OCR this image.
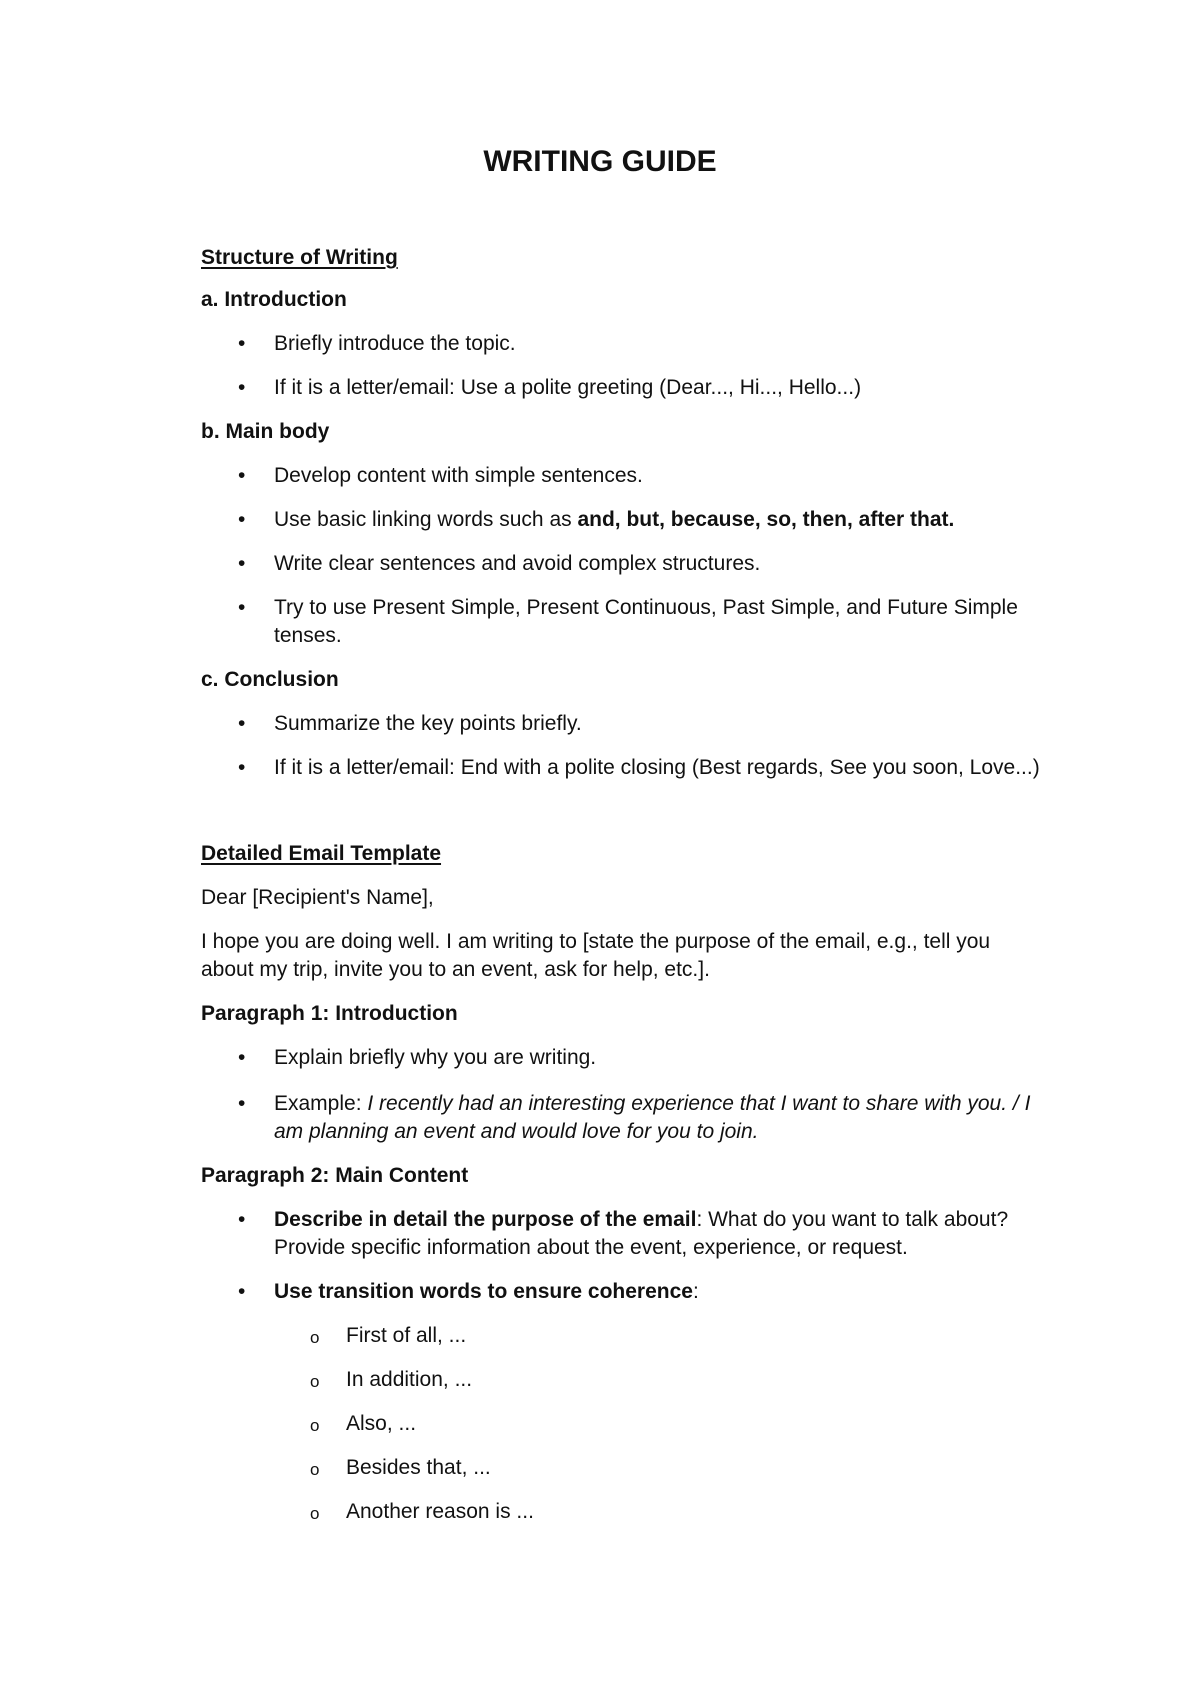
WRITING GUIDE

Structure of Writing

a. Introduction

• Briefly introduce the topic.

• If it is a letter/email: Use a polite greeting (Dear..., Hi..., Hello...)

b. Main body

• Develop content with simple sentences.

• Use basic linking words such as and, but, because, so, then, after that.

• Write clear sentences and avoid complex structures.

• Try to use Present Simple, Present Continuous, Past Simple, and Future Simple

tenses.

c. Conclusion

• Summarize the key points briefly.

• If it is a letter/email: End with a polite closing (Best regards, See you soon, Love...)

Detailed Email Template

Dear [Recipient's Name],

I hope you are doing well. I am writing to [state the purpose of the email, e.g., tell you

about my trip, invite you to an event, ask for help, etc.].

Paragraph 1: Introduction

• Explain briefly why you are writing.

• Example: I recently had an interesting experience that I want to share with you. / I

am planning an event and would love for you to join.

Paragraph 2: Main Content

• Describe in detail the purpose of the email: What do you want to talk about?

Provide specific information about the event, experience, or request.

• Use transition words to ensure coherence:

o First of all, ...

o In addition, ...

o Also, ...

o Besides that, ...

o Another reason is ...
